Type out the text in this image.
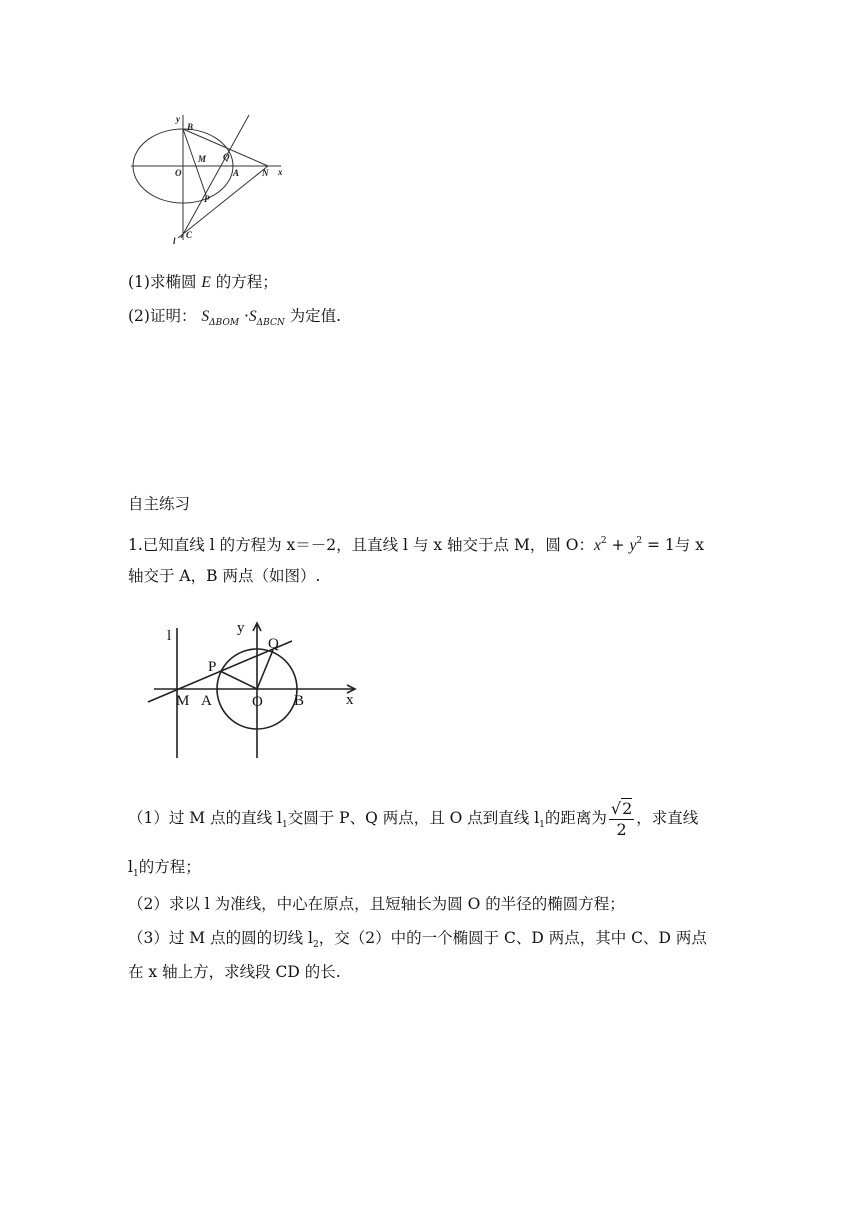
y
B
M Q
O	A	N x
P
l
C
(1)求椭圆 E 的方程；
(2)证明： $S_{\Delta BOM} \cdot S_{\Delta BCN}$ 为定值.
自主练习
1.已知直线 l 的方程为 x＝－2，且直线 l 与 x 轴交于点 M，圆 O：$x^2 + y^2 = 1$与 x
轴交于 A，B 两点（如图）.
l	y
Q
P
M A	O B	x
（1）过 M 点的直线 $l_1$交圆于 P、Q 两点，且 O 点到直线 $l_1$的距离为 $\frac{√2}{2}$ ，求直线
$l_1$的方程；
（2）求以 l 为准线，中心在原点，且短轴长为圆 O 的半径的椭圆方程；
（3）过 M 点的圆的切线 $l_2$，交（2）中的一个椭圆于 C、D 两点，其中 C、D 两点
在 x 轴上方，求线段 CD 的长.
